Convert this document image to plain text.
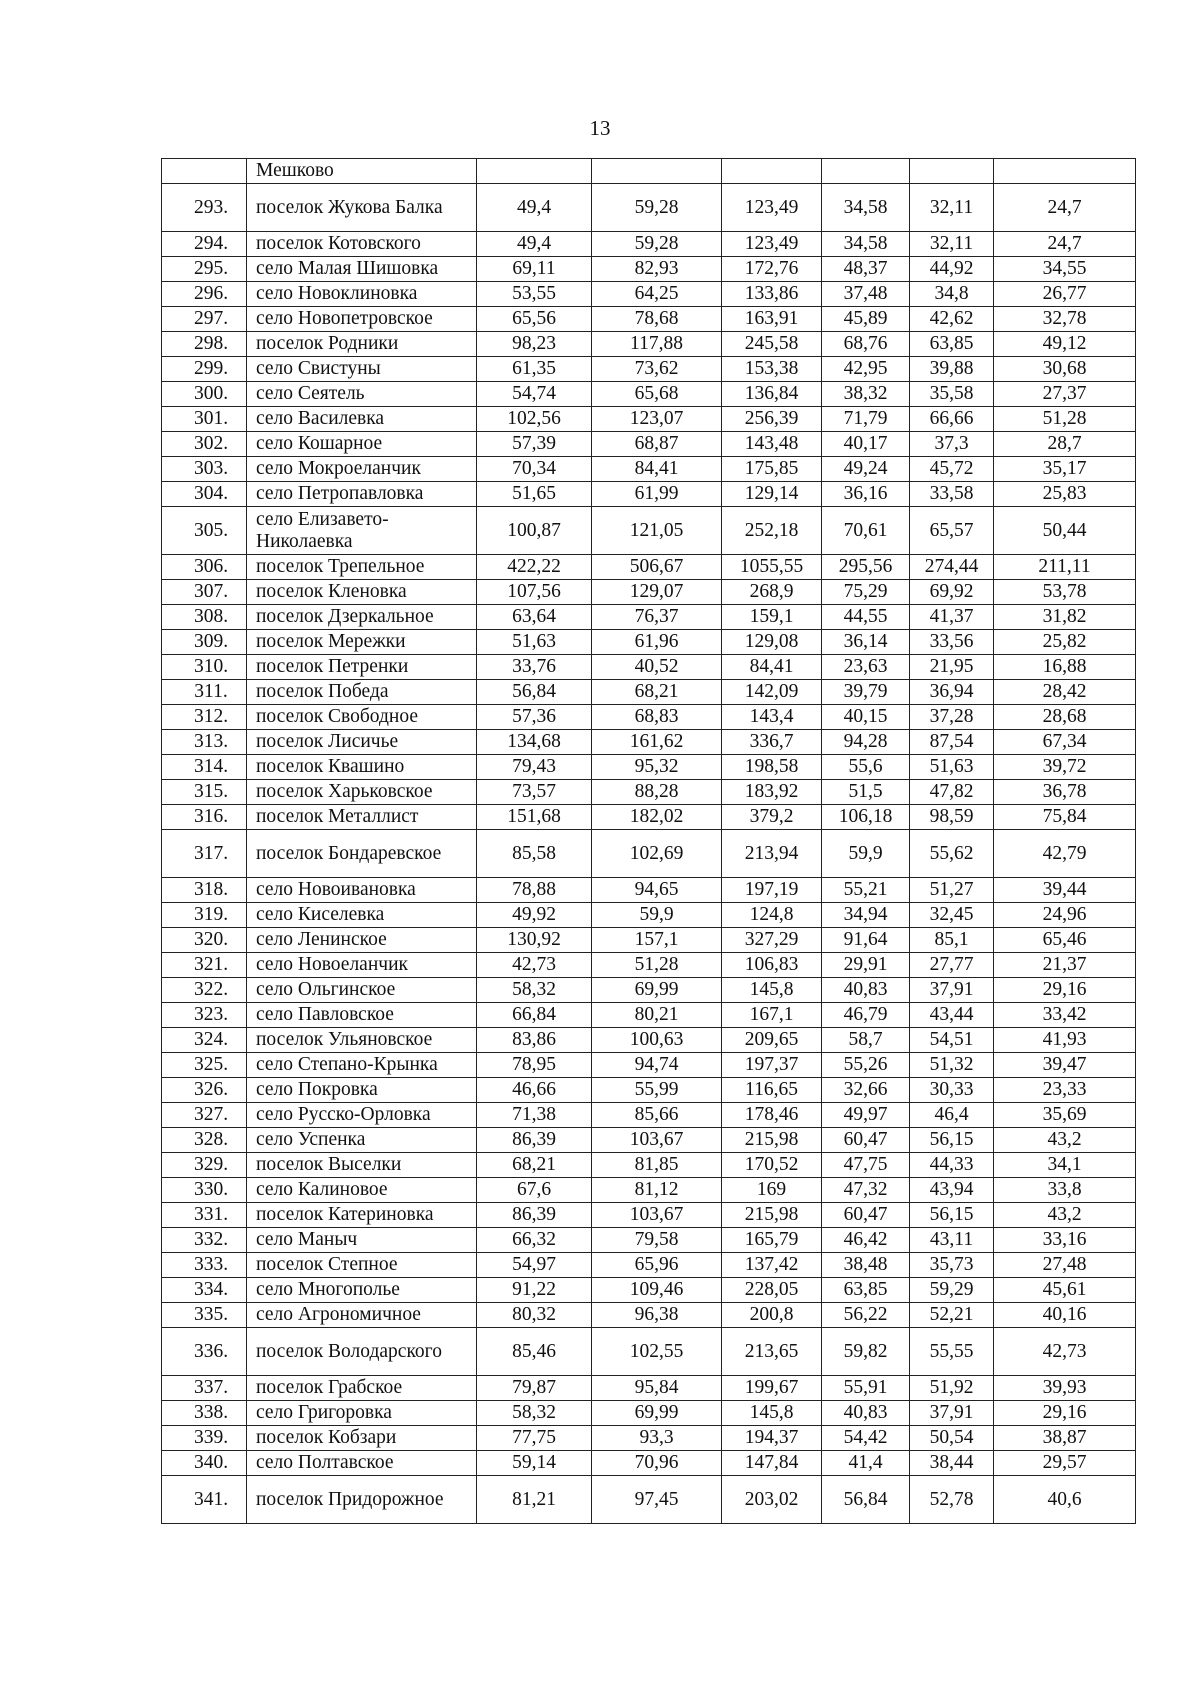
13
	Мешково						
293.	поселок Жукова Балка	49,4	59,28	123,49	34,58	32,11	24,7
294.	поселок Котовского	49,4	59,28	123,49	34,58	32,11	24,7
295.	село Малая Шишовка	69,11	82,93	172,76	48,37	44,92	34,55
296.	село Новоклиновка	53,55	64,25	133,86	37,48	34,8	26,77
297.	село Новопетровское	65,56	78,68	163,91	45,89	42,62	32,78
298.	поселок Родники	98,23	117,88	245,58	68,76	63,85	49,12
299.	село Свистуны	61,35	73,62	153,38	42,95	39,88	30,68
300.	село Сеятель	54,74	65,68	136,84	38,32	35,58	27,37
301.	село Василевка	102,56	123,07	256,39	71,79	66,66	51,28
302.	село Кошарное	57,39	68,87	143,48	40,17	37,3	28,7
303.	село Мокроеланчик	70,34	84,41	175,85	49,24	45,72	35,17
304.	село Петропавловка	51,65	61,99	129,14	36,16	33,58	25,83
305.	село Елизавето-Николаевка	100,87	121,05	252,18	70,61	65,57	50,44
306.	поселок Трепельное	422,22	506,67	1055,55	295,56	274,44	211,11
307.	поселок Кленовка	107,56	129,07	268,9	75,29	69,92	53,78
308.	поселок Дзеркальное	63,64	76,37	159,1	44,55	41,37	31,82
309.	поселок Мережки	51,63	61,96	129,08	36,14	33,56	25,82
310.	поселок Петренки	33,76	40,52	84,41	23,63	21,95	16,88
311.	поселок Победа	56,84	68,21	142,09	39,79	36,94	28,42
312.	поселок Свободное	57,36	68,83	143,4	40,15	37,28	28,68
313.	поселок Лисичье	134,68	161,62	336,7	94,28	87,54	67,34
314.	поселок Квашино	79,43	95,32	198,58	55,6	51,63	39,72
315.	поселок Харьковское	73,57	88,28	183,92	51,5	47,82	36,78
316.	поселок Металлист	151,68	182,02	379,2	106,18	98,59	75,84
317.	поселок Бондаревское	85,58	102,69	213,94	59,9	55,62	42,79
318.	село Новоивановка	78,88	94,65	197,19	55,21	51,27	39,44
319.	село Киселевка	49,92	59,9	124,8	34,94	32,45	24,96
320.	село Ленинское	130,92	157,1	327,29	91,64	85,1	65,46
321.	село Новоеланчик	42,73	51,28	106,83	29,91	27,77	21,37
322.	село Ольгинское	58,32	69,99	145,8	40,83	37,91	29,16
323.	село Павловское	66,84	80,21	167,1	46,79	43,44	33,42
324.	поселок Ульяновское	83,86	100,63	209,65	58,7	54,51	41,93
325.	село Степано-Крынка	78,95	94,74	197,37	55,26	51,32	39,47
326.	село Покровка	46,66	55,99	116,65	32,66	30,33	23,33
327.	село Русско-Орловка	71,38	85,66	178,46	49,97	46,4	35,69
328.	село Успенка	86,39	103,67	215,98	60,47	56,15	43,2
329.	поселок Выселки	68,21	81,85	170,52	47,75	44,33	34,1
330.	село Калиновое	67,6	81,12	169	47,32	43,94	33,8
331.	поселок Катериновка	86,39	103,67	215,98	60,47	56,15	43,2
332.	село Маныч	66,32	79,58	165,79	46,42	43,11	33,16
333.	поселок Степное	54,97	65,96	137,42	38,48	35,73	27,48
334.	село Многополье	91,22	109,46	228,05	63,85	59,29	45,61
335.	село Агрономичное	80,32	96,38	200,8	56,22	52,21	40,16
336.	поселок Володарского	85,46	102,55	213,65	59,82	55,55	42,73
337.	поселок Грабское	79,87	95,84	199,67	55,91	51,92	39,93
338.	село Григоровка	58,32	69,99	145,8	40,83	37,91	29,16
339.	поселок Кобзари	77,75	93,3	194,37	54,42	50,54	38,87
340.	село Полтавское	59,14	70,96	147,84	41,4	38,44	29,57
341.	поселок Придорожное	81,21	97,45	203,02	56,84	52,78	40,6
